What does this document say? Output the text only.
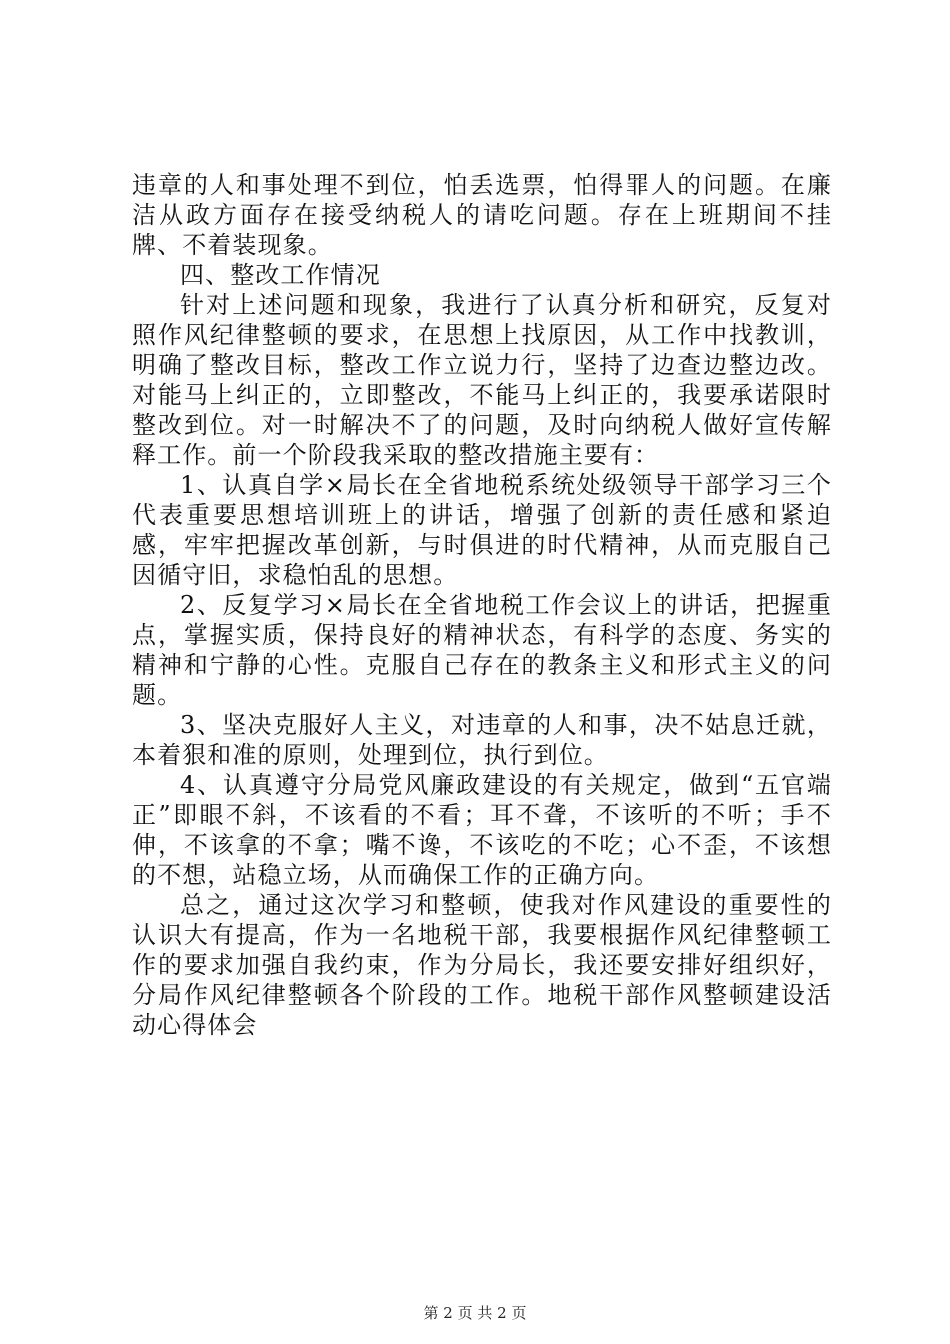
违章的人和事处理不到位，怕丢选票，怕得罪人的问题。在廉洁从政方面存在接受纳税人的请吃问题。存在上班期间不挂牌、不着装现象。

四、整改工作情况

针对上述问题和现象，我进行了认真分析和研究，反复对照作风纪律整顿的要求，在思想上找原因，从工作中找教训，明确了整改目标，整改工作立说力行，坚持了边查边整边改。对能马上纠正的，立即整改，不能马上纠正的，我要承诺限时整改到位。对一时解决不了的问题，及时向纳税人做好宣传解释工作。前一个阶段我采取的整改措施主要有：

1、认真自学×局长在全省地税系统处级领导干部学习三个代表重要思想培训班上的讲话，增强了创新的责任感和紧迫感，牢牢把握改革创新，与时俱进的时代精神，从而克服自己因循守旧，求稳怕乱的思想。

2、反复学习×局长在全省地税工作会议上的讲话，把握重点，掌握实质，保持良好的精神状态，有科学的态度、务实的精神和宁静的心性。克服自己存在的教条主义和形式主义的问题。

3、坚决克服好人主义，对违章的人和事，决不姑息迁就，本着狠和准的原则，处理到位，执行到位。

4、认真遵守分局党风廉政建设的有关规定，做到“五官端正”即眼不斜，不该看的不看；耳不聋，不该听的不听；手不伸，不该拿的不拿；嘴不谗，不该吃的不吃；心不歪，不该想的不想，站稳立场，从而确保工作的正确方向。

总之，通过这次学习和整顿，使我对作风建设的重要性的认识大有提高，作为一名地税干部，我要根据作风纪律整顿工作的要求加强自我约束，作为分局长，我还要安排好组织好，分局作风纪律整顿各个阶段的工作。地税干部作风整顿建设活动心得体会

第 2 页 共 2 页
